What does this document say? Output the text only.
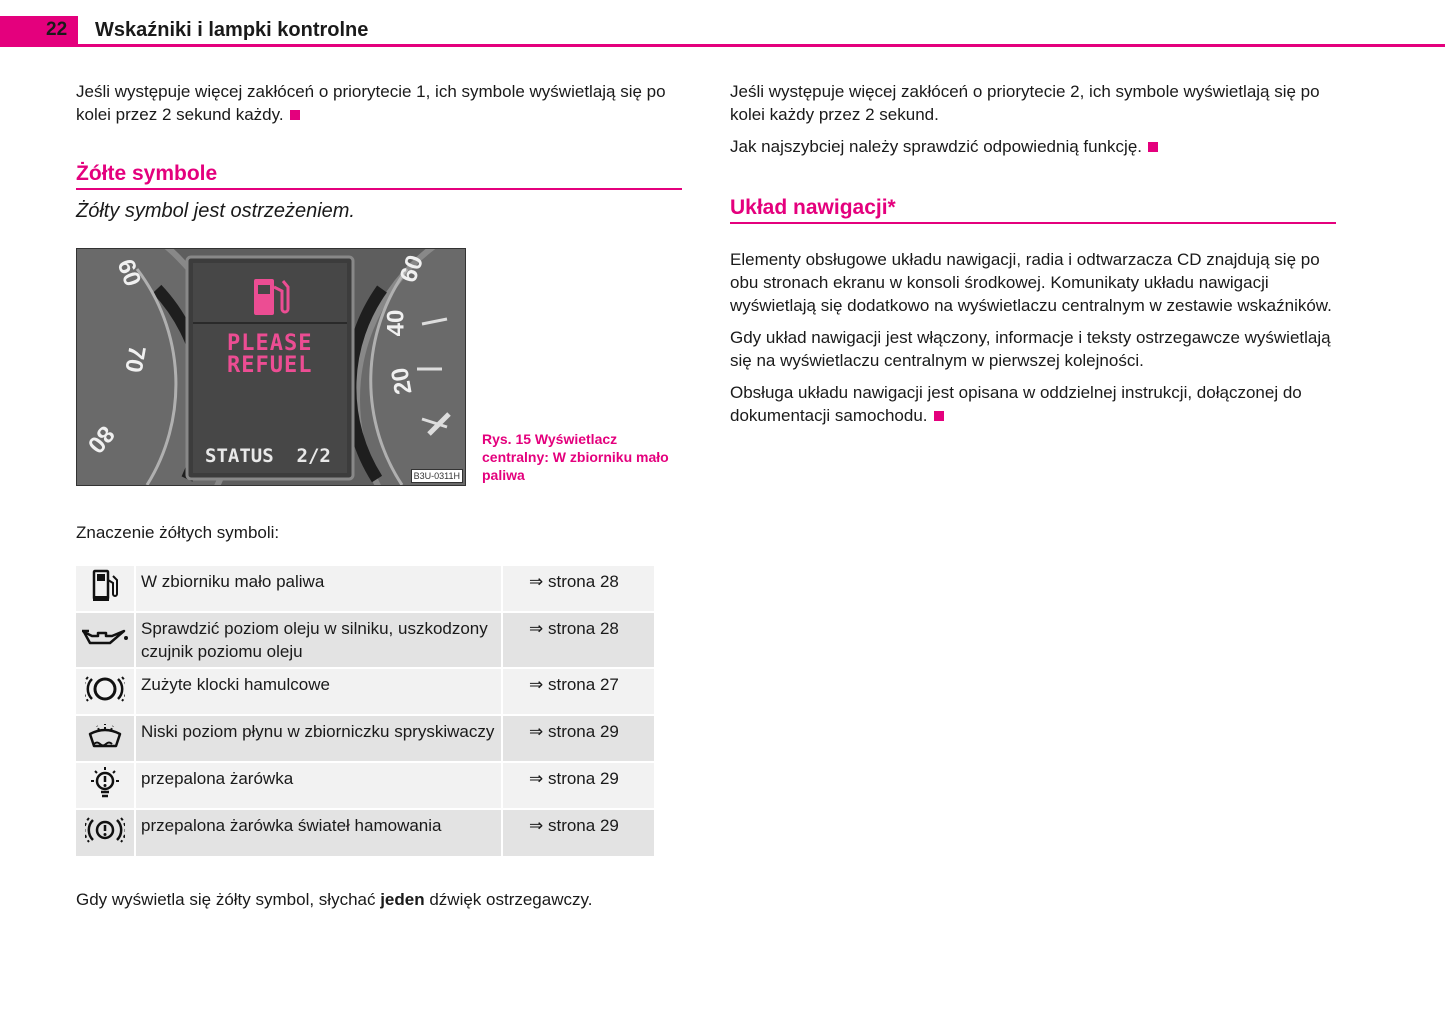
22 Wskaźniki i lampki kontrolne

Jeśli występuje więcej zakłóceń o priorytecie 1, ich symbole wyświetlają się po kolei przez 2 sekund każdy.

Żółte symbole
Żółty symbol jest ostrzeżeniem.
PLEASE
REFUEL
STATUS  2/2
60
70
80
60
40
20
B3U-0311H
Rys. 15 Wyświetlacz centralny: W zbiorniku mało paliwa
Znaczenie żółtych symboli:
	W zbiorniku mało paliwa	⇒ strona 28
	Sprawdzić poziom oleju w silniku, uszkodzony czujnik poziomu oleju	⇒ strona 28
	Zużyte klocki hamulcowe	⇒ strona 27
	Niski poziom płynu w zbiorniczku spryskiwaczy	⇒ strona 29
	przepalona żarówka	⇒ strona 29
	przepalona żarówka świateł hamowania	⇒ strona 29
Gdy wyświetla się żółty symbol, słychać jeden dźwięk ostrzegawczy.

Jeśli występuje więcej zakłóceń o priorytecie 2, ich symbole wyświetlają się po kolei każdy przez 2 sekund.

Jak najszybciej należy sprawdzić odpowiednią funkcję.

Układ nawigacji*

Elementy obsługowe układu nawigacji, radia i odtwarzacza CD znajdują się po obu stronach ekranu w konsoli środkowej. Komunikaty układu nawigacji wyświetlają się dodatkowo na wyświetlaczu centralnym w zestawie wskaźników.

Gdy układ nawigacji jest włączony, informacje i teksty ostrzegawcze wyświetlają się na wyświetlaczu centralnym w pierwszej kolejności.

Obsługa układu nawigacji jest opisana w oddzielnej instrukcji, dołączonej do dokumentacji samochodu.
